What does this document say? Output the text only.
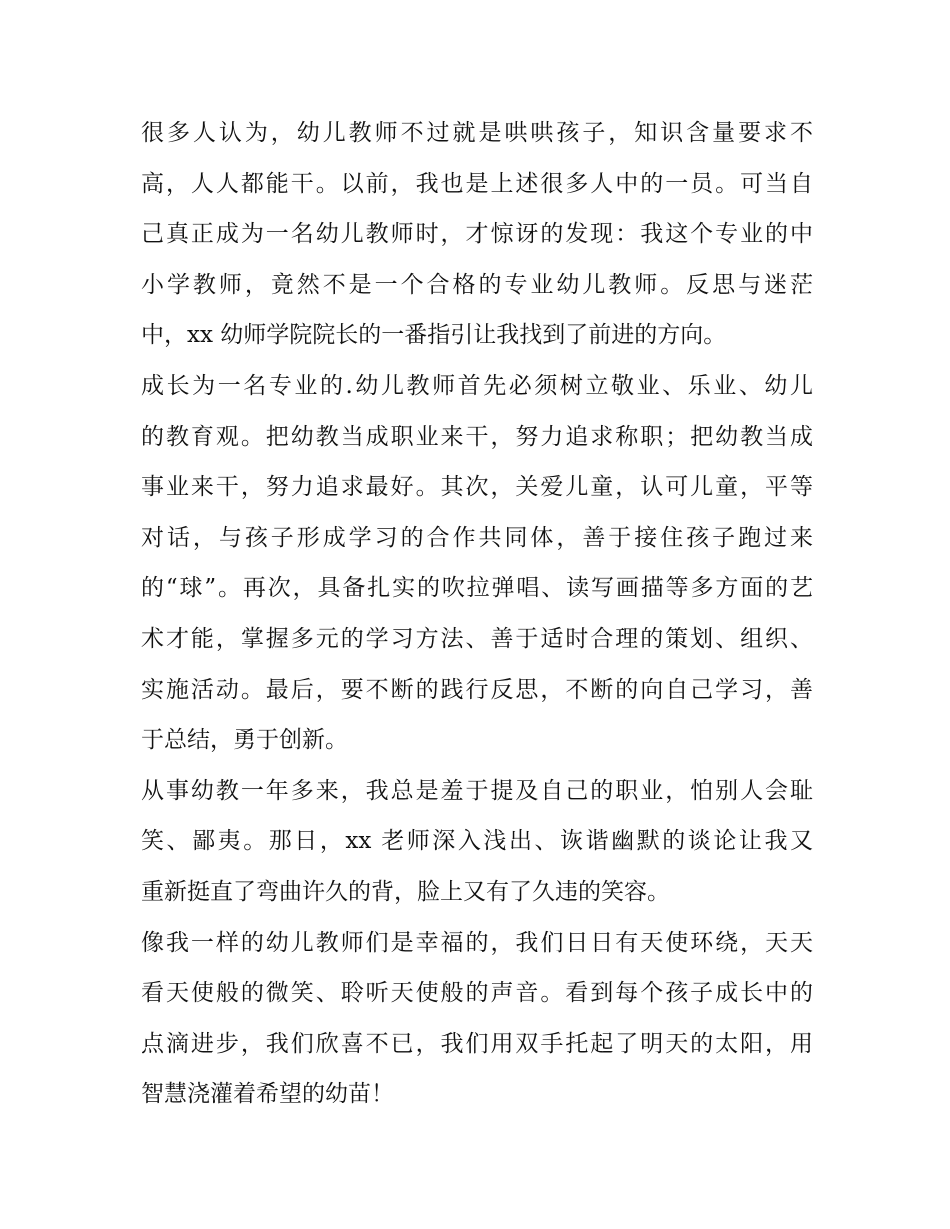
很多人认为，幼儿教师不过就是哄哄孩子，知识含量要求不
高，人人都能干。以前，我也是上述很多人中的一员。可当自
己真正成为一名幼儿教师时，才惊讶的发现：我这个专业的中
小学教师，竟然不是一个合格的专业幼儿教师。反思与迷茫
中，xx 幼师学院院长的一番指引让我找到了前进的方向。
成长为一名专业的.幼儿教师首先必须树立敬业、乐业、幼儿
的教育观。把幼教当成职业来干，努力追求称职；把幼教当成
事业来干，努力追求最好。其次，关爱儿童，认可儿童，平等
对话，与孩子形成学习的合作共同体，善于接住孩子跑过来
的“球”。再次，具备扎实的吹拉弹唱、读写画描等多方面的艺
术才能，掌握多元的学习方法、善于适时合理的策划、组织、
实施活动。最后，要不断的践行反思，不断的向自己学习，善
于总结，勇于创新。
从事幼教一年多来，我总是羞于提及自己的职业，怕别人会耻
笑、鄙夷。那日，xx 老师深入浅出、诙谐幽默的谈论让我又
重新挺直了弯曲许久的背，脸上又有了久违的笑容。
像我一样的幼儿教师们是幸福的，我们日日有天使环绕，天天
看天使般的微笑、聆听天使般的声音。看到每个孩子成长中的
点滴进步，我们欣喜不已，我们用双手托起了明天的太阳，用
智慧浇灌着希望的幼苗！
